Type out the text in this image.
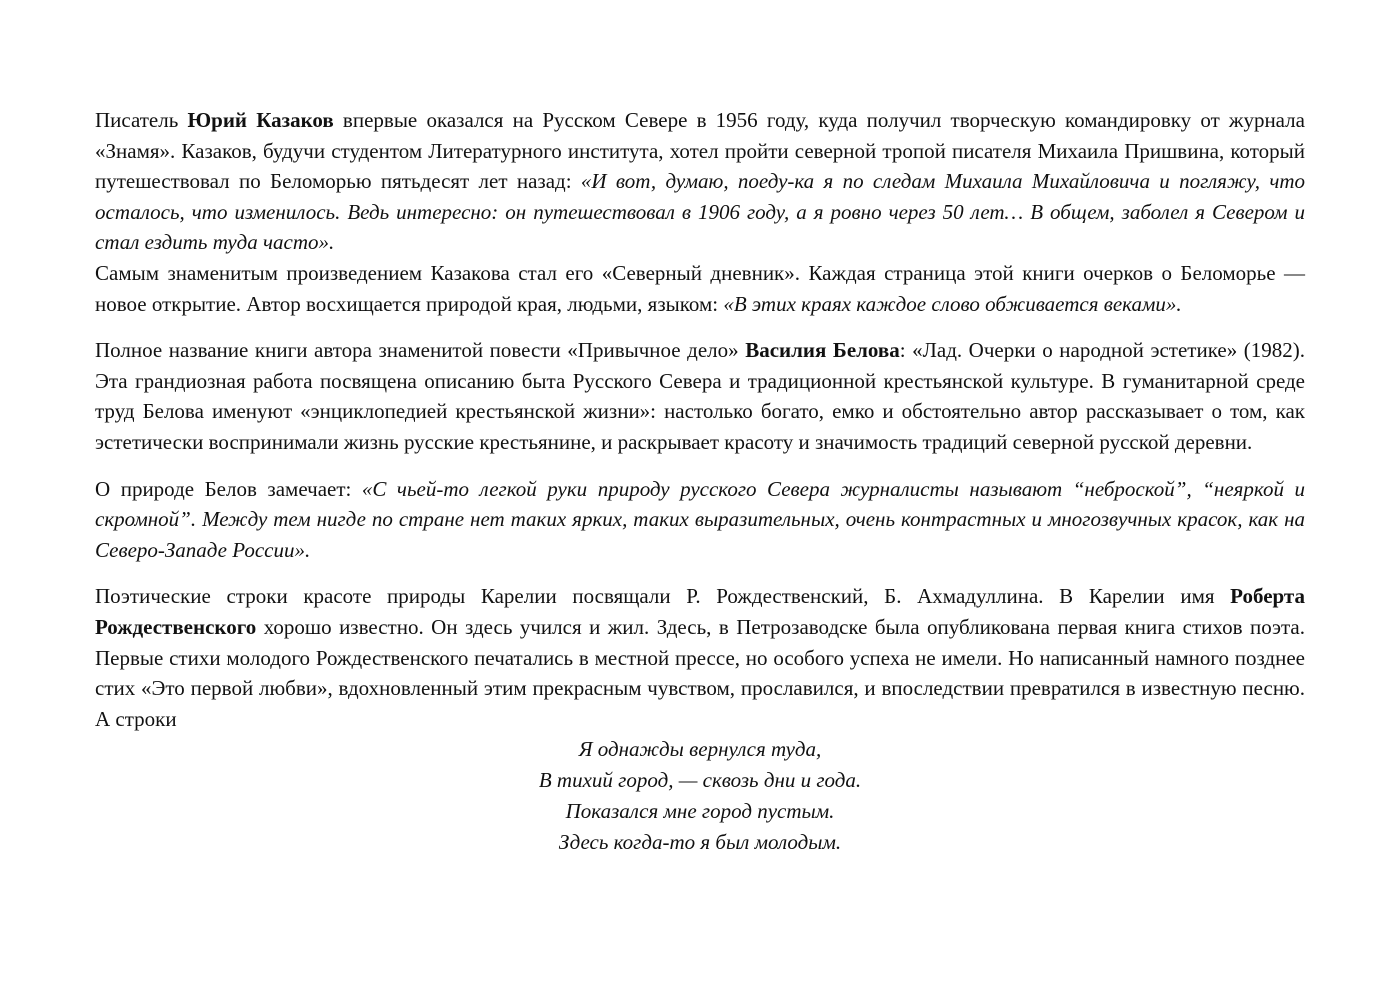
Писатель Юрий Казаков впервые оказался на Русском Севере в 1956 году, куда получил творческую командировку от журнала «Знамя». Казаков, будучи студентом Литературного института, хотел пройти северной тропой писателя Михаила Пришвина, который путешествовал по Беломорью пятьдесят лет назад: «И вот, думаю, поеду-ка я по следам Михаила Михайловича и погляжу, что осталось, что изменилось. Ведь интересно: он путешествовал в 1906 году, а я ровно через 50 лет… В общем, заболел я Севером и стал ездить туда часто».

Самым знаменитым произведением Казакова стал его «Северный дневник». Каждая страница этой книги очерков о Беломорье — новое открытие. Автор восхищается природой края, людьми, языком: «В этих краях каждое слово обживается веками».

Полное название книги автора знаменитой повести «Привычное дело» Василия Белова: «Лад. Очерки о народной эстетике» (1982). Эта грандиозная работа посвящена описанию быта Русского Севера и традиционной крестьянской культуре. В гуманитарной среде труд Белова именуют «энциклопедией крестьянской жизни»: настолько богато, емко и обстоятельно автор рассказывает о том, как эстетически воспринимали жизнь русские крестьянине, и раскрывает красоту и значимость традиций северной русской деревни.

О природе Белов замечает: «С чьей-то легкой руки природу русского Севера журналисты называют “неброской”, “неяркой и скромной”. Между тем нигде по стране нет таких ярких, таких выразительных, очень контрастных и многозвучных красок, как на Северо-Западе России».

Поэтические строки красоте природы Карелии посвящали Р. Рождественский, Б. Ахмадуллина. В Карелии имя Роберта Рождественского хорошо известно. Он здесь учился и жил. Здесь, в Петрозаводске была опубликована первая книга стихов поэта. Первые стихи молодого Рождественского печатались в местной прессе, но особого успеха не имели. Но написанный намного позднее стих «Это первой любви», вдохновленный этим прекрасным чувством, прославился, и впоследствии превратился в известную песню. А строки

Я однажды вернулся туда,
В тихий город, — сквозь дни и года.
Показался мне город пустым.
Здесь когда-то я был молодым.
